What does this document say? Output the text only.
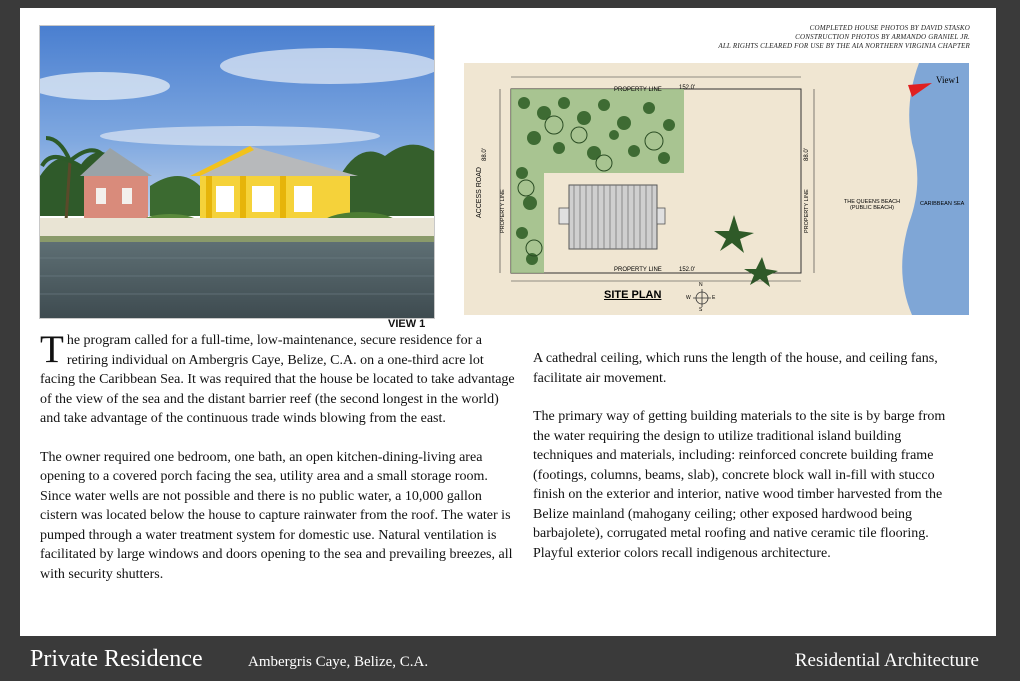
VIEW 1
COMPLETED HOUSE PHOTOS BY DAVID STASKO
CONSTRUCTION PHOTOS BY ARMANDO GRANIEL JR.
ALL RIGHTS CLEARED FOR USE BY THE AIA NORTHERN VIRGINIA CHAPTER
PROPERTY LINE	152.0'
PROPERTY LINE	152.0'
88.0'	88.0'
ACCESS ROAD	PROPERTY LINE	PROPERTY LINE	THE QUEENS BEACH
(PUBLIC BEACH)
CARIBBEAN SEA
View1
SITE PLAN
N
S
E
W

The program called for a full-time, low-maintenance, secure residence for a retiring individual on Ambergris Caye, Belize, C.A. on a one-third acre lot facing the Caribbean Sea. It was required that the house be located to take advantage of the view of the sea and the distant barrier reef (the second longest in the world) and take advantage of the continuous trade winds blowing from the east.

The owner required one bedroom, one bath, an open kitchen-dining-living area opening to a covered porch facing the sea, utility area and a small storage room. Since water wells are not possible and there is no public water, a 10,000 gallon cistern was located below the house to capture rainwater from the roof. The water is pumped through a water treatment system for domestic use. Natural ventilation is facilitated by large windows and doors opening to the sea and prevailing breezes, all with security shutters.

A cathedral ceiling, which runs the length of the house, and ceiling fans, facilitate air movement.

The primary way of getting building materials to the site is by barge from the water requiring the design to utilize traditional island building techniques and materials, including: reinforced concrete building frame (footings, columns, beams, slab), concrete block wall in-fill with stucco finish on the exterior and interior, native wood timber harvested from the Belize mainland (mahogany ceiling; other exposed hardwood being barbajolete), corrugated metal roofing and native ceramic tile flooring. Playful exterior colors recall indigenous architecture.

Private Residence	Ambergris Caye, Belize, C.A.	Residential Architecture
